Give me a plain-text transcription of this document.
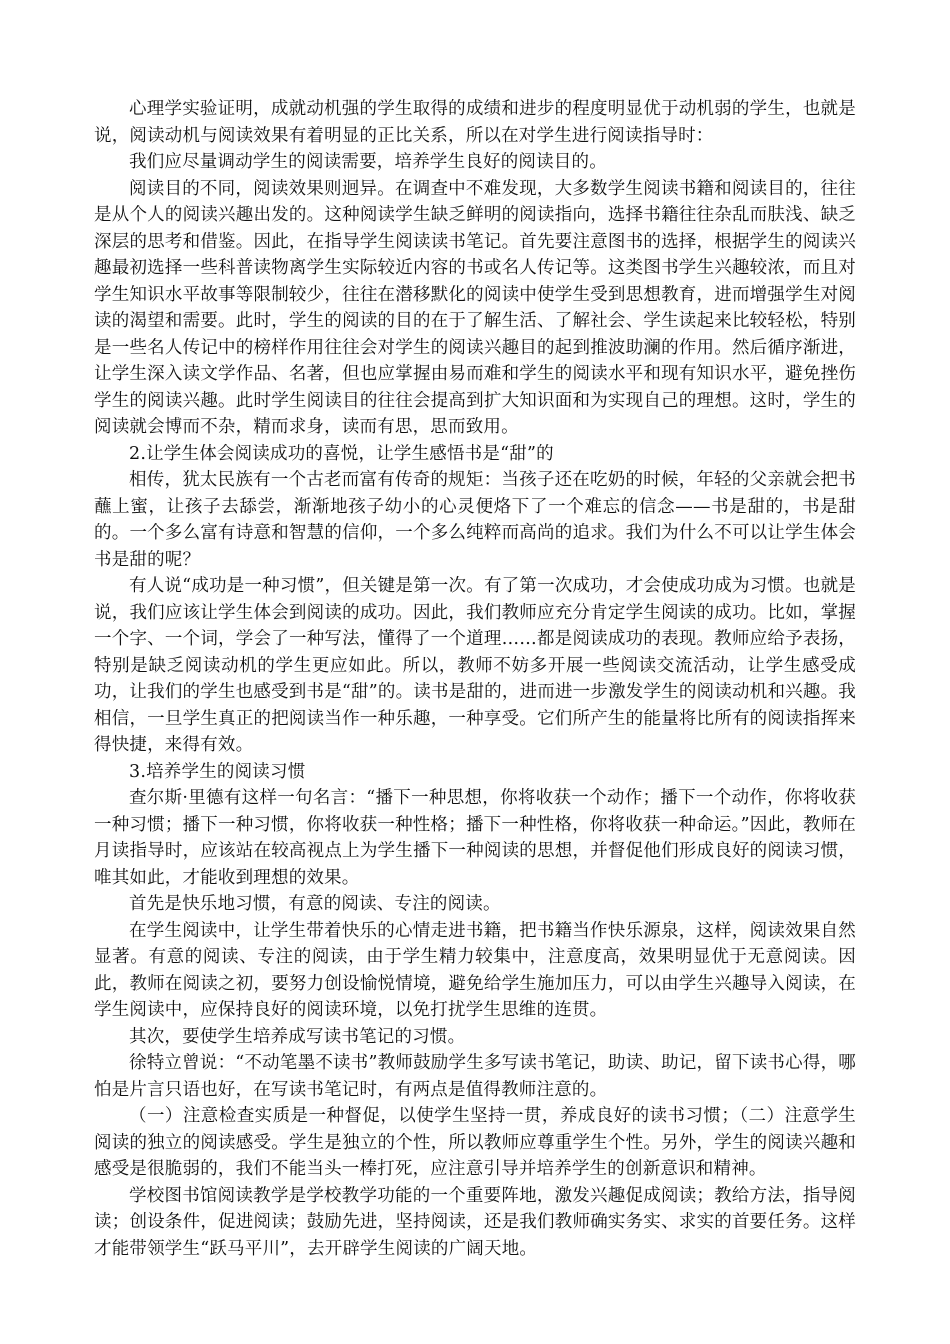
心理学实验证明，成就动机强的学生取得的成绩和进步的程度明显优于动机弱的学生，也就是说，阅读动机与阅读效果有着明显的正比关系，所以在对学生进行阅读指导时：

我们应尽量调动学生的阅读需要，培养学生良好的阅读目的。

阅读目的不同，阅读效果则迥异。在调查中不难发现，大多数学生阅读书籍和阅读目的，往往是从个人的阅读兴趣出发的。这种阅读学生缺乏鲜明的阅读指向，选择书籍往往杂乱而肤浅、缺乏深层的思考和借鉴。因此，在指导学生阅读读书笔记。首先要注意图书的选择，根据学生的阅读兴趣最初选择一些科普读物离学生实际较近内容的书或名人传记等。这类图书学生兴趣较浓，而且对学生知识水平故事等限制较少，往往在潜移默化的阅读中使学生受到思想教育，进而增强学生对阅读的渴望和需要。此时，学生的阅读的目的在于了解生活、了解社会、学生读起来比较轻松，特别是一些名人传记中的榜样作用往往会对学生的阅读兴趣目的起到推波助澜的作用。然后循序渐进，让学生深入读文学作品、名著，但也应掌握由易而难和学生的阅读水平和现有知识水平，避免挫伤学生的阅读兴趣。此时学生阅读目的往往会提高到扩大知识面和为实现自己的理想。这时，学生的阅读就会博而不杂，精而求身，读而有思，思而致用。

2.让学生体会阅读成功的喜悦，让学生感悟书是“甜”的

相传，犹太民族有一个古老而富有传奇的规矩：当孩子还在吃奶的时候，年轻的父亲就会把书蘸上蜜，让孩子去舔尝，渐渐地孩子幼小的心灵便烙下了一个难忘的信念——书是甜的，书是甜的。一个多么富有诗意和智慧的信仰，一个多么纯粹而高尚的追求。我们为什么不可以让学生体会书是甜的呢？

有人说“成功是一种习惯”，但关键是第一次。有了第一次成功，才会使成功成为习惯。也就是说，我们应该让学生体会到阅读的成功。因此，我们教师应充分肯定学生阅读的成功。比如，掌握一个字、一个词，学会了一种写法，懂得了一个道理……都是阅读成功的表现。教师应给予表扬，特别是缺乏阅读动机的学生更应如此。所以，教师不妨多开展一些阅读交流活动，让学生感受成功，让我们的学生也感受到书是“甜”的。读书是甜的，进而进一步激发学生的阅读动机和兴趣。我相信，一旦学生真正的把阅读当作一种乐趣，一种享受。它们所产生的能量将比所有的阅读指挥来得快捷，来得有效。

3.培养学生的阅读习惯

查尔斯·里德有这样一句名言：“播下一种思想，你将收获一个动作；播下一个动作，你将收获一种习惯；播下一种习惯，你将收获一种性格；播下一种性格，你将收获一种命运。”因此，教师在月读指导时，应该站在较高视点上为学生播下一种阅读的思想，并督促他们形成良好的阅读习惯，唯其如此，才能收到理想的效果。

首先是快乐地习惯，有意的阅读、专注的阅读。

在学生阅读中，让学生带着快乐的心情走进书籍，把书籍当作快乐源泉，这样，阅读效果自然显著。有意的阅读、专注的阅读，由于学生精力较集中，注意度高，效果明显优于无意阅读。因此，教师在阅读之初，要努力创设愉悦情境，避免给学生施加压力，可以由学生兴趣导入阅读，在学生阅读中，应保持良好的阅读环境，以免打扰学生思维的连贯。

其次，要使学生培养成写读书笔记的习惯。

徐特立曾说：“不动笔墨不读书”教师鼓励学生多写读书笔记，助读、助记，留下读书心得，哪怕是片言只语也好，在写读书笔记时，有两点是值得教师注意的。

（一）注意检查实质是一种督促，以使学生坚持一贯，养成良好的读书习惯；（二）注意学生阅读的独立的阅读感受。学生是独立的个性，所以教师应尊重学生个性。另外，学生的阅读兴趣和感受是很脆弱的，我们不能当头一棒打死，应注意引导并培养学生的创新意识和精神。

学校图书馆阅读教学是学校教学功能的一个重要阵地，激发兴趣促成阅读；教给方法，指导阅读；创设条件，促进阅读；鼓励先进，坚持阅读，还是我们教师确实务实、求实的首要任务。这样才能带领学生“跃马平川”，去开辟学生阅读的广阔天地。
